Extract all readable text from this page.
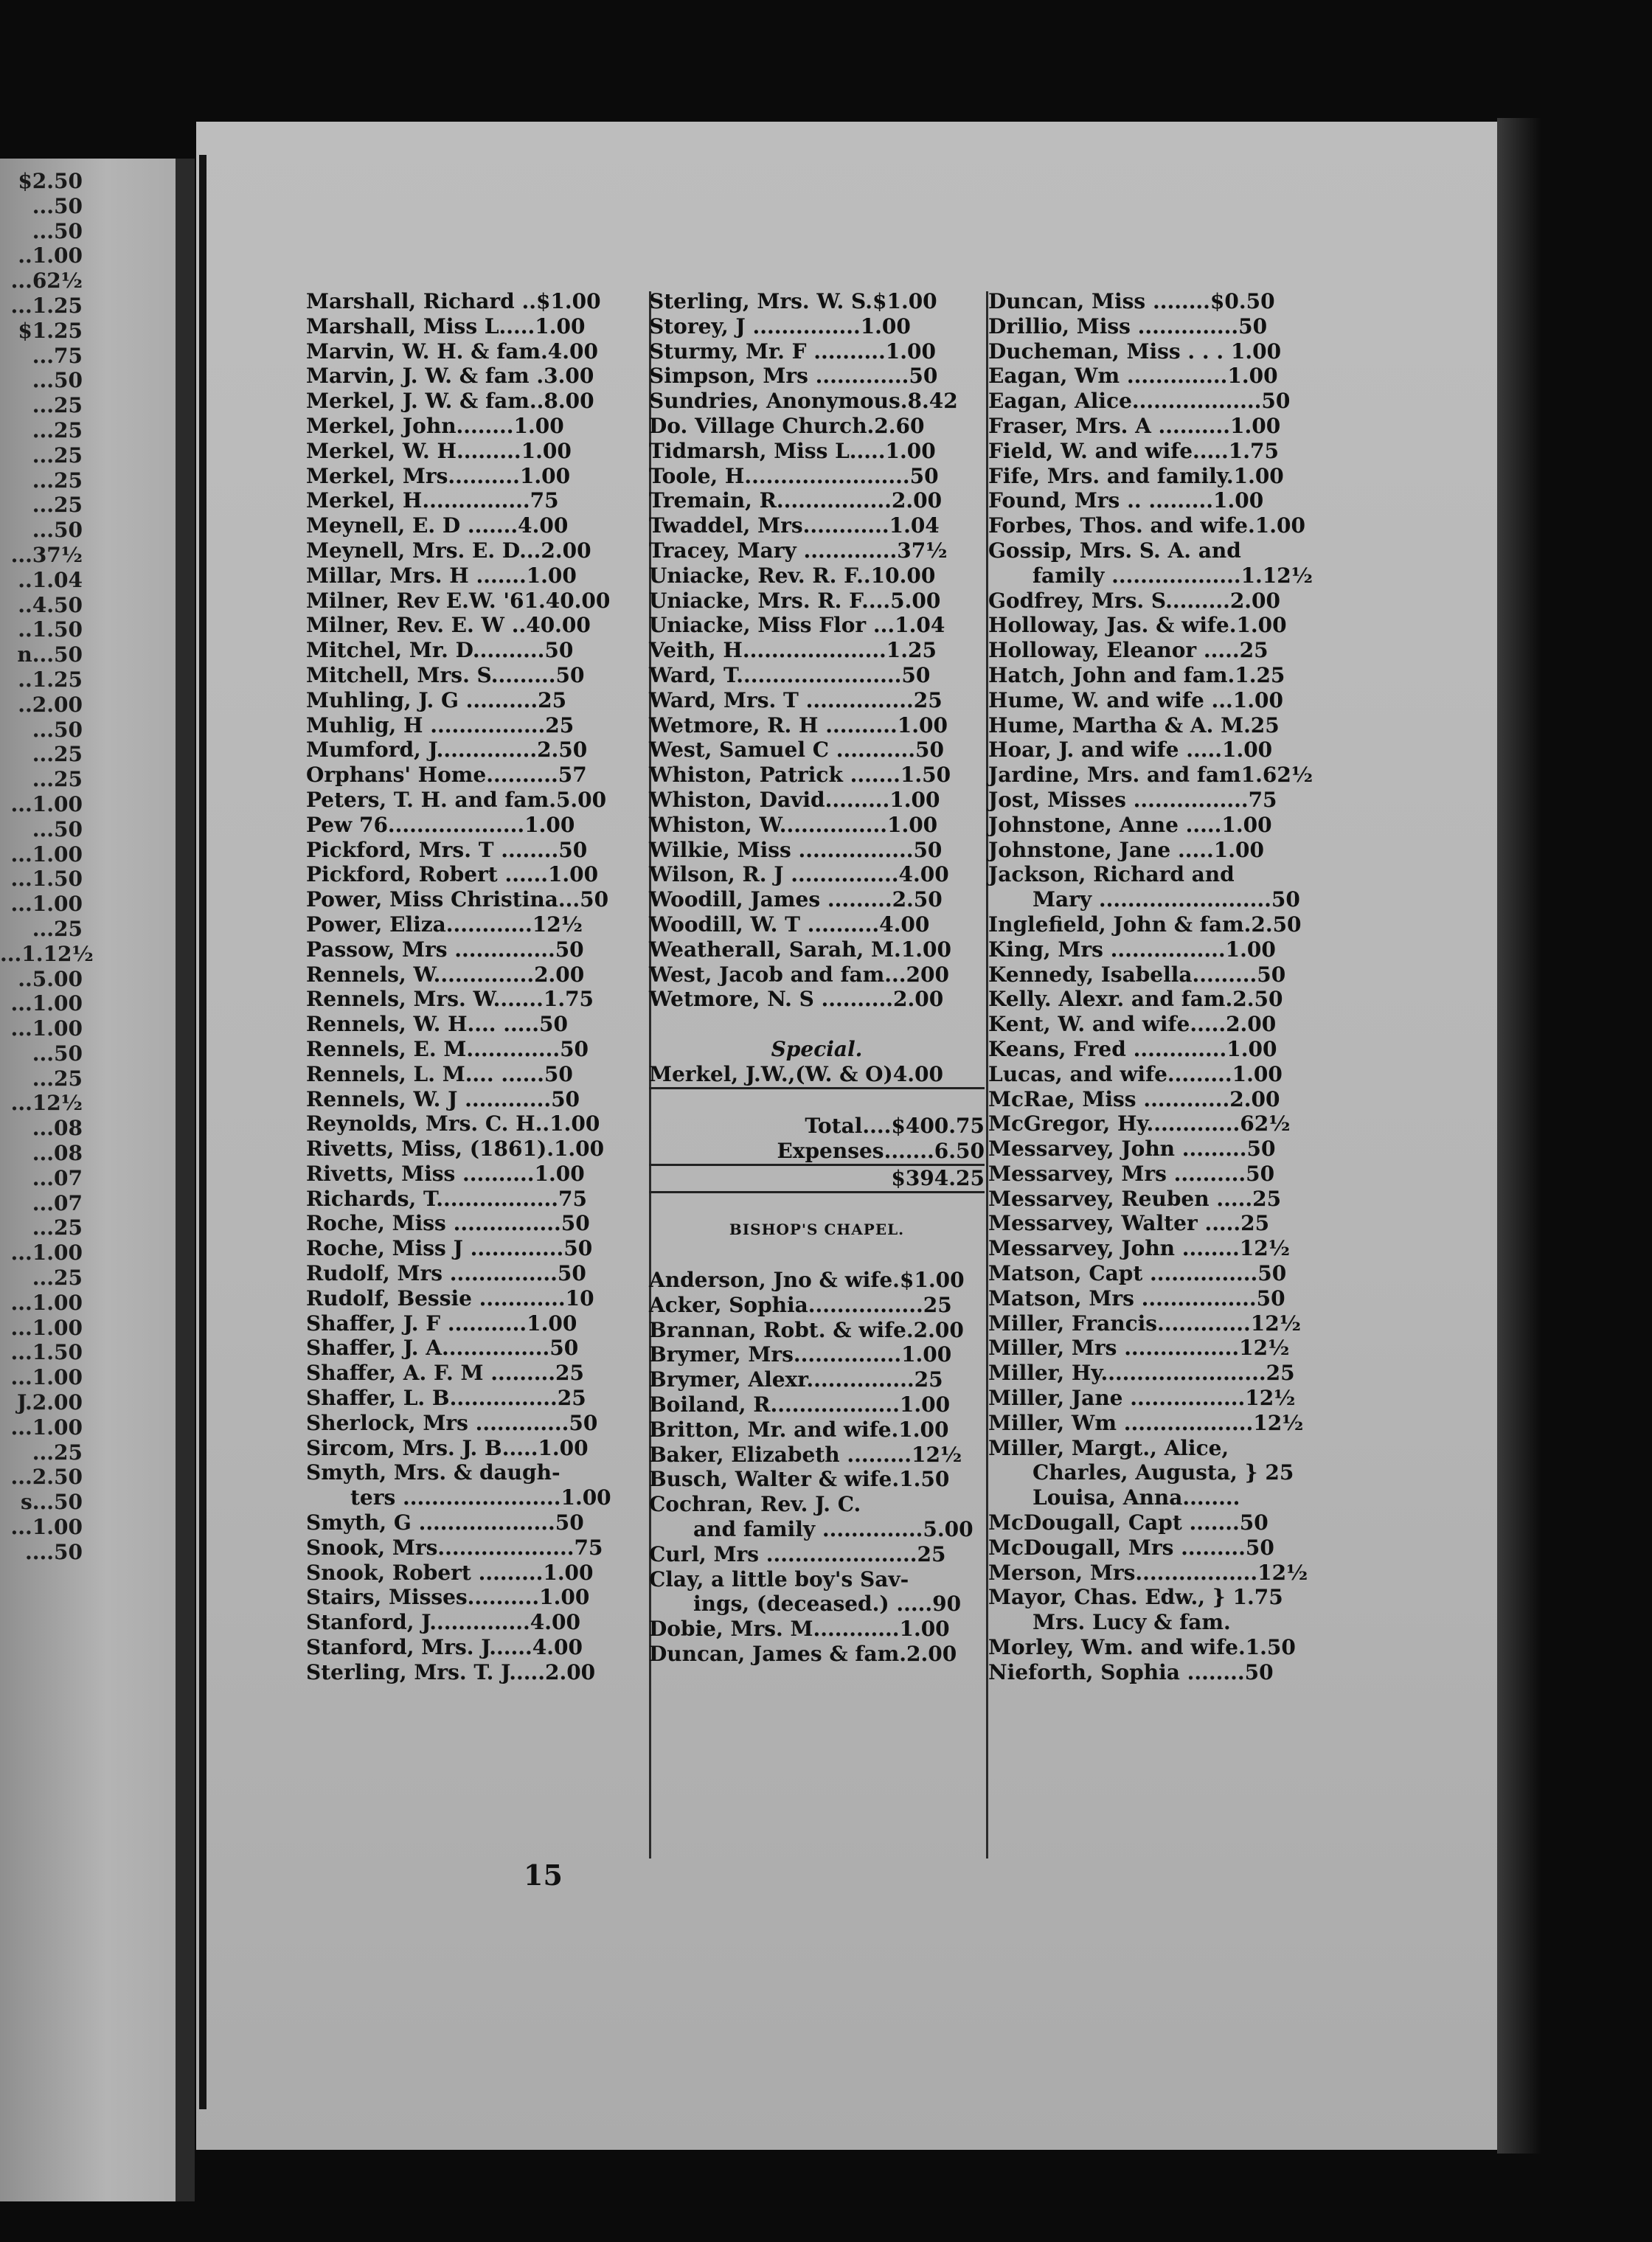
$2.50
...50
...50
..1.00
...62½
...1.25
$1.25
...75
...50
...25
...25
...25
...25
...25
...50
...37½
..1.04
..4.50
..1.50
n...50
..1.25
..2.00
...50
...25
...25
...1.00
...50
...1.00
...1.50
...1.00
...25
...1.12½
..5.00
...1.00
...1.00
...50
...25
...12½
...08
...08
...07
...07
...25
...1.00
...25
...1.00
...1.00
...1.50
...1.00
J.2.00
...1.00
...25
...2.50
s...50
...1.00
....50
Marshall, Richard ..$1.00
Marshall, Miss L.....1.00
Marvin, W. H. & fam.4.00
Marvin, J. W. & fam .3.00
Merkel, J. W. & fam..8.00
Merkel, John........1.00
Merkel, W. H.........1.00
Merkel, Mrs..........1.00
Merkel, H...............75
Meynell, E. D .......4.00
Meynell, Mrs. E. D...2.00
Millar, Mrs. H .......1.00
Milner, Rev E.W. '61.40.00
Milner, Rev. E. W ..40.00
Mitchel, Mr. D..........50
Mitchell, Mrs. S.........50
Muhling, J. G ..........25
Muhlig, H ................25
Mumford, J..............2.50
Orphans' Home..........57
Peters, T. H. and fam.5.00
Pew 76...................1.00
Pickford, Mrs. T ........50
Pickford, Robert ......1.00
Power, Miss Christina...50
Power, Eliza............12½
Passow, Mrs ..............50
Rennels, W..............2.00
Rennels, Mrs. W.......1.75
Rennels, W. H.... .....50
Rennels, E. M.............50
Rennels, L. M.... ......50
Rennels, W. J ............50
Reynolds, Mrs. C. H..1.00
Rivetts, Miss, (1861).1.00
Rivetts, Miss ..........1.00
Richards, T.................75
Roche, Miss ...............50
Roche, Miss J .............50
Rudolf, Mrs ...............50
Rudolf, Bessie ............10
Shaffer, J. F ...........1.00
Shaffer, J. A...............50
Shaffer, A. F. M .........25
Shaffer, L. B...............25
Sherlock, Mrs .............50
Sircom, Mrs. J. B.....1.00
Smyth, Mrs. & daugh-
ters ......................1.00
Smyth, G ...................50
Snook, Mrs...................75
Snook, Robert .........1.00
Stairs, Misses..........1.00
Stanford, J..............4.00
Stanford, Mrs. J......4.00
Sterling, Mrs. T. J.....2.00
Sterling, Mrs. W. S.$1.00
Storey, J ...............1.00
Sturmy, Mr. F ..........1.00
Simpson, Mrs .............50
Sundries, Anonymous.8.42
Do. Village Church.2.60
Tidmarsh, Miss L.....1.00
Toole, H.......................50
Tremain, R................2.00
Twaddel, Mrs............1.04
Tracey, Mary .............37½
Uniacke, Rev. R. F..10.00
Uniacke, Mrs. R. F....5.00
Uniacke, Miss Flor ...1.04
Veith, H....................1.25
Ward, T.......................50
Ward, Mrs. T ...............25
Wetmore, R. H ..........1.00
West, Samuel C ...........50
Whiston, Patrick .......1.50
Whiston, David.........1.00
Whiston, W...............1.00
Wilkie, Miss ................50
Wilson, R. J ...............4.00
Woodill, James .........2.50
Woodill, W. T ..........4.00
Weatherall, Sarah, M.1.00
West, Jacob and fam...200
Wetmore, N. S ..........2.00
Special.
Merkel, J.W.,(W. & O)4.00
Total....$400.75
Expenses.......6.50
$394.25
BISHOP'S CHAPEL.
Anderson, Jno & wife.$1.00
Acker, Sophia................25
Brannan, Robt. & wife.2.00
Brymer, Mrs...............1.00
Brymer, Alexr...............25
Boiland, R..................1.00
Britton, Mr. and wife.1.00
Baker, Elizabeth .........12½
Busch, Walter & wife.1.50
Cochran, Rev. J. C.
and family ..............5.00
Curl, Mrs .....................25
Clay, a little boy's Sav-
ings, (deceased.) .....90
Dobie, Mrs. M............1.00
Duncan, James & fam.2.00
Duncan, Miss ........$0.50
Drillio, Miss ..............50
Ducheman, Miss . . . 1.00
Eagan, Wm ..............1.00
Eagan, Alice..................50
Fraser, Mrs. A ..........1.00
Field, W. and wife.....1.75
Fife, Mrs. and family.1.00
Found, Mrs .. .........1.00
Forbes, Thos. and wife.1.00
Gossip, Mrs. S. A. and
family ..................1.12½
Godfrey, Mrs. S.........2.00
Holloway, Jas. & wife.1.00
Holloway, Eleanor .....25
Hatch, John and fam.1.25
Hume, W. and wife ...1.00
Hume, Martha & A. M.25
Hoar, J. and wife .....1.00
Jardine, Mrs. and fam1.62½
Jost, Misses ................75
Johnstone, Anne .....1.00
Johnstone, Jane .....1.00
Jackson, Richard and
Mary ........................50
Inglefield, John & fam.2.50
King, Mrs ................1.00
Kennedy, Isabella.........50
Kelly. Alexr. and fam.2.50
Kent, W. and wife.....2.00
Keans, Fred .............1.00
Lucas, and wife.........1.00
McRae, Miss ............2.00
McGregor, Hy.............62½
Messarvey, John .........50
Messarvey, Mrs ..........50
Messarvey, Reuben .....25
Messarvey, Walter .....25
Messarvey, John ........12½
Matson, Capt ...............50
Matson, Mrs ................50
Miller, Francis.............12½
Miller, Mrs ................12½
Miller, Hy.......................25
Miller, Jane ................12½
Miller, Wm ..................12½
Miller, Margt., Alice,
Charles, Augusta, } 25
Louisa, Anna........
McDougall, Capt .......50
McDougall, Mrs .........50
Merson, Mrs.................12½
Mayor, Chas. Edw., } 1.75
Mrs. Lucy & fam.
Morley, Wm. and wife.1.50
Nieforth, Sophia ........50
15
